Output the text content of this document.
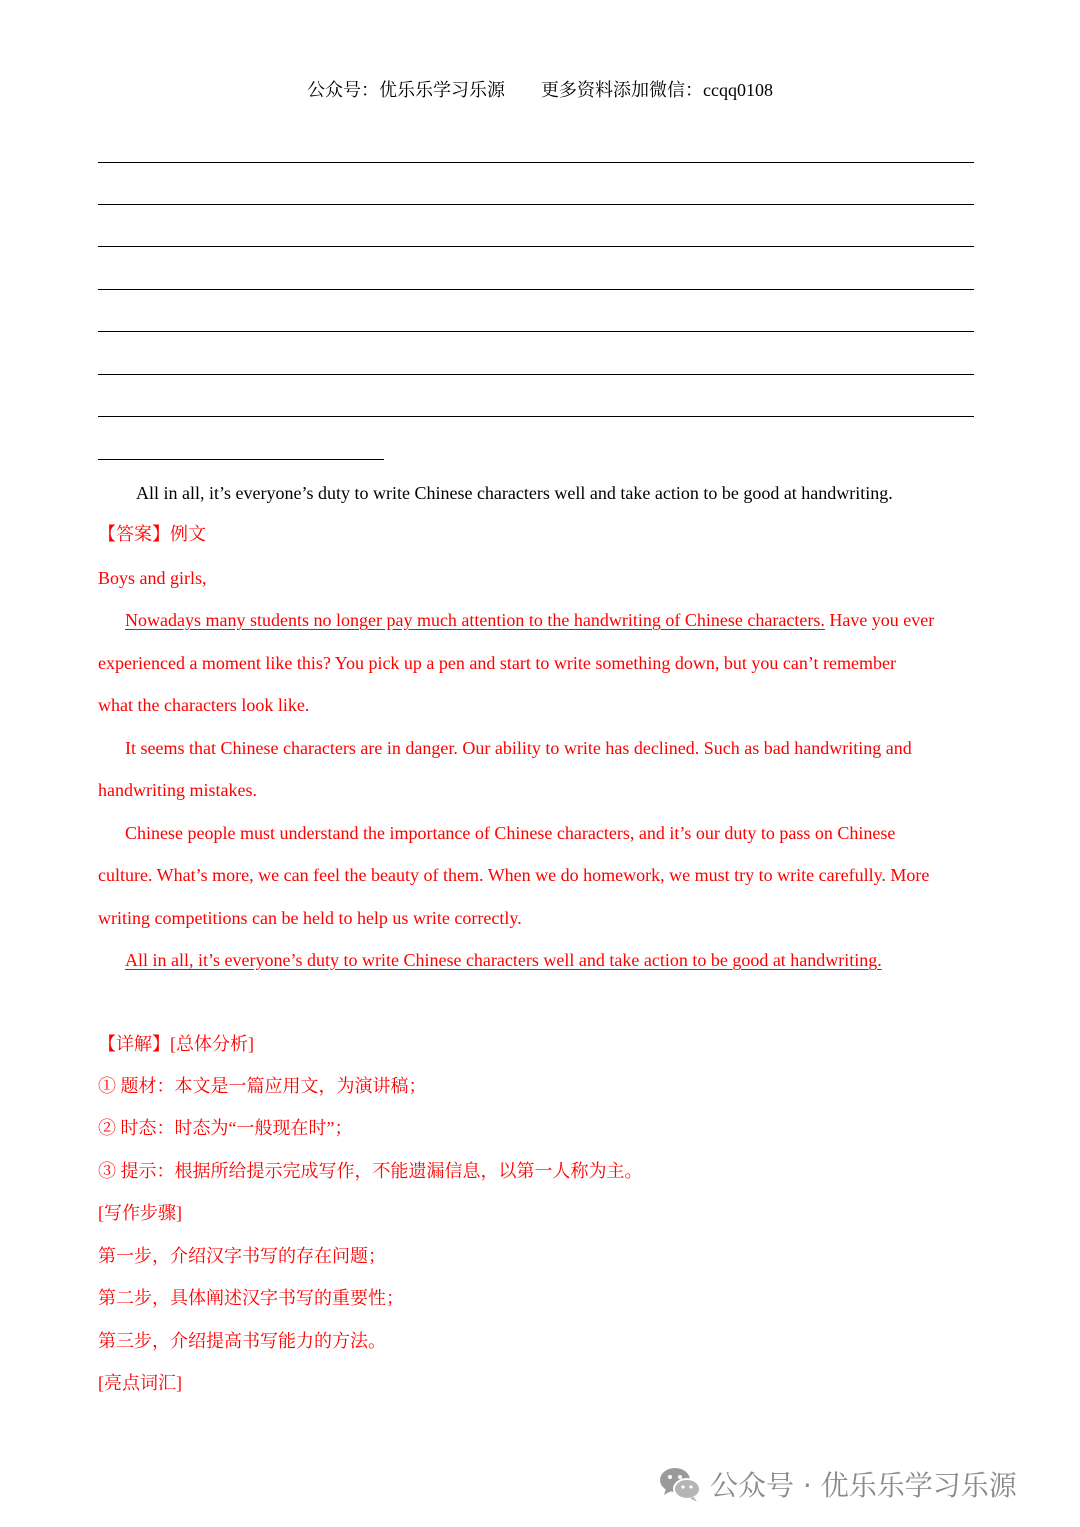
公众号：优乐乐学习乐源        更多资料添加微信：ccqq0108
All in all, it’s everyone’s duty to write Chinese characters well and take action to be good at handwriting.
【答案】例文
Boys and girls,
Nowadays many students no longer pay much attention to the handwriting of Chinese characters. Have you ever
experienced a moment like this? You pick up a pen and start to write something down, but you can’t remember
what the characters look like.
It seems that Chinese characters are in danger. Our ability to write has declined. Such as bad handwriting and
handwriting mistakes.
Chinese people must understand the importance of Chinese characters, and it’s our duty to pass on Chinese
culture. What’s more, we can feel the beauty of them. When we do homework, we must try to write carefully. More
writing competitions can be held to help us write correctly.
All in all, it’s everyone’s duty to write Chinese characters well and take action to be good at handwriting.
【详解】[总体分析]
① 题材：本文是一篇应用文，为演讲稿；
② 时态：时态为“一般现在时”；
③ 提示：根据所给提示完成写作，不能遗漏信息，以第一人称为主。
[写作步骤]
第一步，介绍汉字书写的存在问题；
第二步，具体阐述汉字书写的重要性；
第三步，介绍提高书写能力的方法。
[亮点词汇]
公众号 · 优乐乐学习乐源
